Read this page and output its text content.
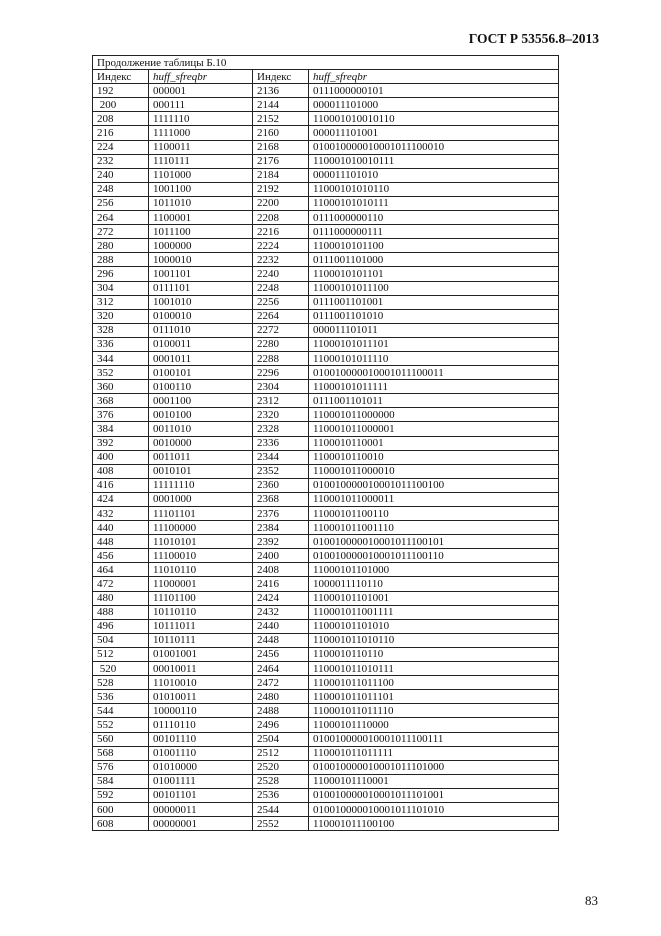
ГОСТ Р 53556.8–2013
Продолжение таблицы Б.10			
Индекс	huff_sfreqbr	Индекс	huff_sfreqbr
192	000001	2136	0111000000101
200	000111	2144	000011101000
208	1111110	2152	110001010010110
216	1111000	2160	000011101001
224	1100011	2168	010010000010001011100010
232	1110111	2176	110001010010111
240	1101000	2184	000011101010
248	1001100	2192	11000101010110
256	1011010	2200	11000101010111
264	1100001	2208	0111000000110
272	1011100	2216	0111000000111
280	1000000	2224	1100010101100
288	1000010	2232	0111001101000
296	1001101	2240	1100010101101
304	0111101	2248	11000101011100
312	1001010	2256	0111001101001
320	0100010	2264	0111001101010
328	0111010	2272	000011101011
336	0100011	2280	11000101011101
344	0001011	2288	11000101011110
352	0100101	2296	010010000010001011100011
360	0100110	2304	11000101011111
368	0001100	2312	0111001101011
376	0010100	2320	110001011000000
384	0011010	2328	110001011000001
392	0010000	2336	1100010110001
400	0011011	2344	1100010110010
408	0010101	2352	110001011000010
416	11111110	2360	010010000010001011100100
424	0001000	2368	110001011000011
432	11101101	2376	11000101100110
440	11100000	2384	110001011001110
448	11010101	2392	010010000010001011100101
456	11100010	2400	010010000010001011100110
464	11010110	2408	11000101101000
472	11000001	2416	1000011110110
480	11101100	2424	11000101101001
488	10110110	2432	110001011001111
496	10111011	2440	11000101101010
504	10110111	2448	110001011010110
512	01001001	2456	1100010110110
520	00010011	2464	110001011010111
528	11010010	2472	110001011011100
536	01010011	2480	110001011011101
544	10000110	2488	110001011011110
552	01110110	2496	11000101110000
560	00101110	2504	010010000010001011100111
568	01001110	2512	110001011011111
576	01010000	2520	010010000010001011101000
584	01001111	2528	11000101110001
592	00101101	2536	010010000010001011101001
600	00000011	2544	010010000010001011101010
608	00000001	2552	110001011100100
83
